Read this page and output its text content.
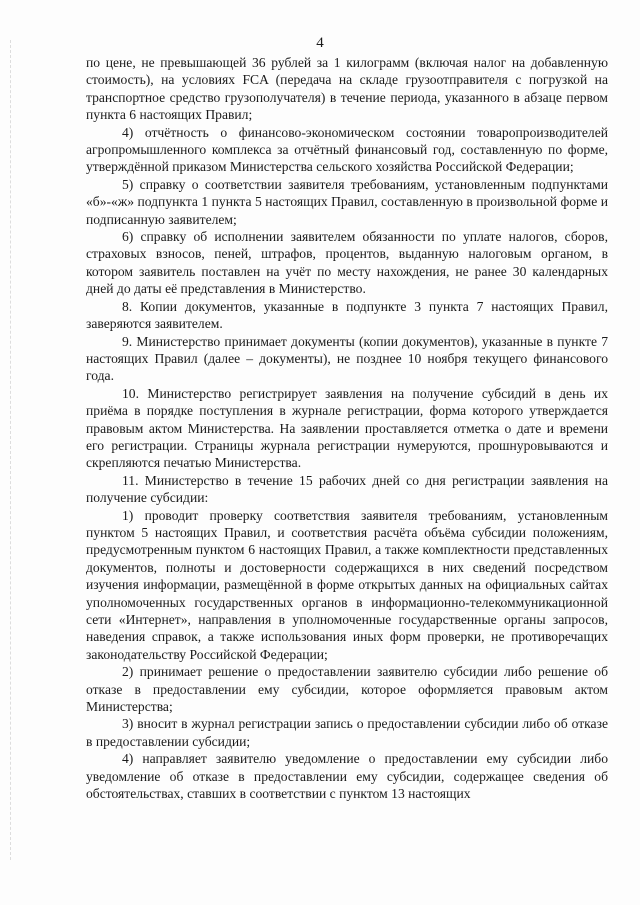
4

по цене, не превышающей 36 рублей за 1 килограмм (включая налог на добавленную стоимость), на условиях FCA (передача на складе грузоотправителя с погрузкой на транспортное средство грузополучателя) в течение периода, указанного в абзаце первом пункта 6 настоящих Правил;

4) отчётность о финансово-экономическом состоянии товаропроизводителей агропромышленного комплекса за отчётный финансовый год, составленную по форме, утверждённой приказом Министерства сельского хозяйства Российской Федерации;

5) справку о соответствии заявителя требованиям, установленным подпунктами «б»-«ж» подпункта 1 пункта 5 настоящих Правил, составленную в произвольной форме и подписанную заявителем;

6) справку об исполнении заявителем обязанности по уплате налогов, сборов, страховых взносов, пеней, штрафов, процентов, выданную налоговым органом, в котором заявитель поставлен на учёт по месту нахождения, не ранее 30 календарных дней до даты её представления в Министерство.

8. Копии документов, указанные в подпункте 3 пункта 7 настоящих Правил, заверяются заявителем.

9. Министерство принимает документы (копии документов), указанные в пункте 7 настоящих Правил (далее – документы), не позднее 10 ноября текущего финансового года.

10. Министерство регистрирует заявления на получение субсидий в день их приёма в порядке поступления в журнале регистрации, форма которого утверждается правовым актом Министерства. На заявлении проставляется отметка о дате и времени его регистрации. Страницы журнала регистрации нумеруются, прошнуровываются и скрепляются печатью Министерства.

11. Министерство в течение 15 рабочих дней со дня регистрации заявления на получение субсидии:

1) проводит проверку соответствия заявителя требованиям, установленным пунктом 5 настоящих Правил, и соответствия расчёта объёма субсидии положениям, предусмотренным пунктом 6 настоящих Правил, а также комплектности представленных документов, полноты и достоверности содержащихся в них сведений посредством изучения информации, размещённой в форме открытых данных на официальных сайтах уполномоченных государственных органов в информационно-телекоммуникационной сети «Интернет», направления в уполномоченные государственные органы запросов, наведения справок, а также использования иных форм проверки, не противоречащих законодательству Российской Федерации;

2) принимает решение о предоставлении заявителю субсидии либо решение об отказе в предоставлении ему субсидии, которое оформляется правовым актом Министерства;

3) вносит в журнал регистрации запись о предоставлении субсидии либо об отказе в предоставлении субсидии;

4) направляет заявителю уведомление о предоставлении ему субсидии либо уведомление об отказе в предоставлении ему субсидии, содержащее сведения об обстоятельствах, ставших в соответствии с пунктом 13 настоящих
